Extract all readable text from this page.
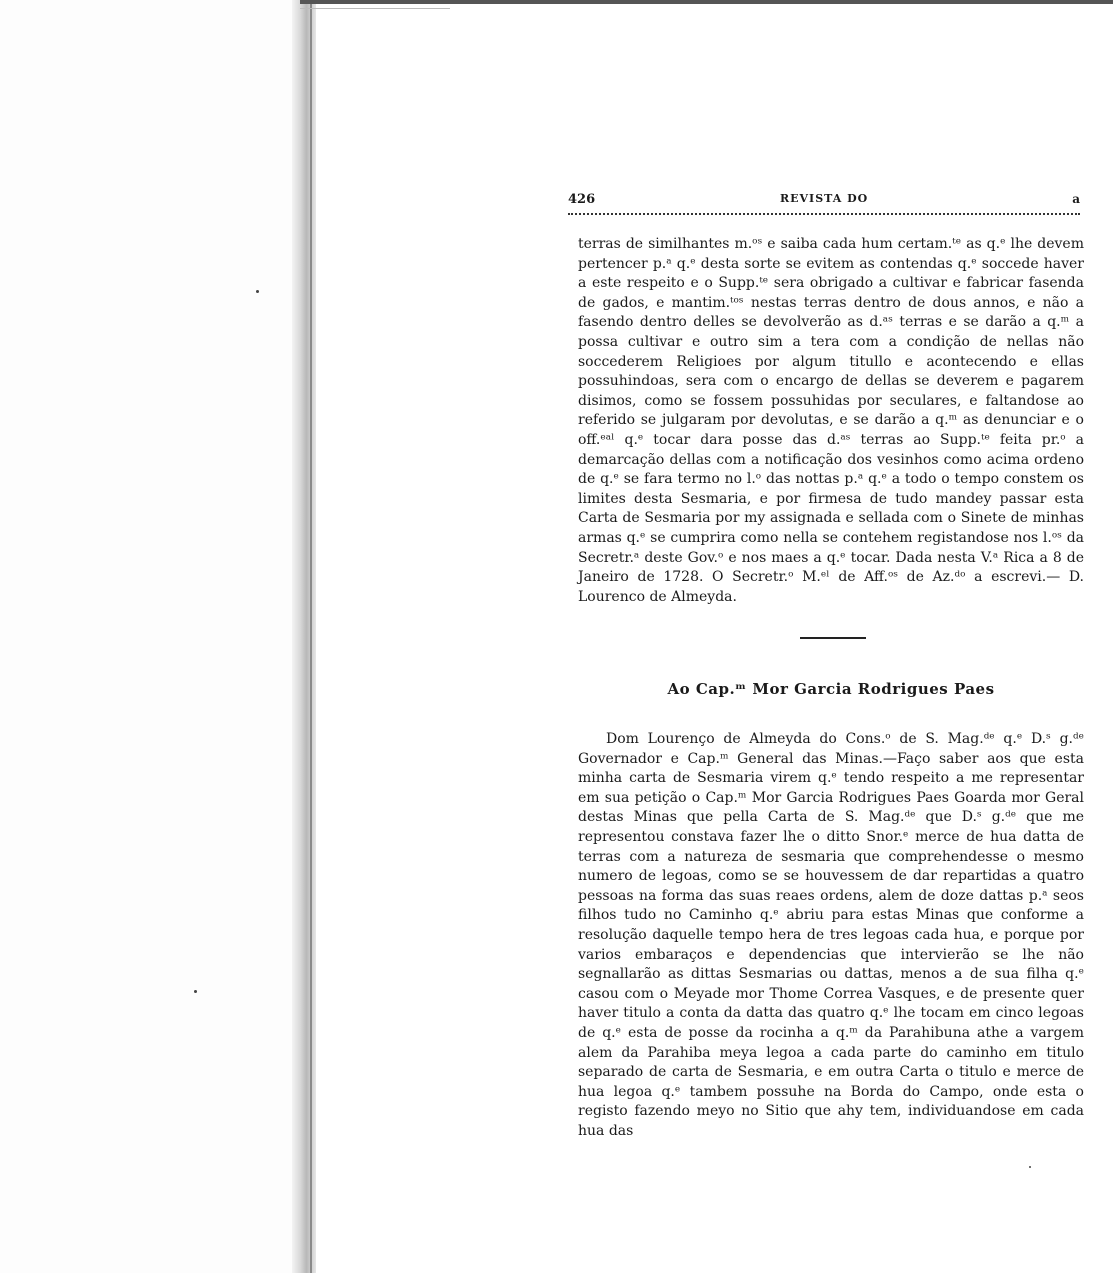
426	REVISTA DO	a

terras de similhantes m.ᵒˢ e saiba cada hum certam.ᵗᵉ as q.ᵉ lhe devem pertencer p.ᵃ q.ᵉ desta sorte se evitem as contendas q.ᵉ soccede haver a este respeito e o Supp.ᵗᵉ sera obrigado a cultivar e fabricar fasenda de gados, e mantim.ᵗᵒˢ nestas terras dentro de dous annos, e não a fasendo dentro delles se devolverão as d.ᵃˢ terras e se darão a q.ᵐ a possa cultivar e outro sim a tera com a condição de nellas não soccederem Religioes por algum titullo e acontecendo e ellas possuhindoas, sera com o encargo de dellas se deverem e pagarem disimos, como se fossem possuhidas por seculares, e faltandose ao referido se julgaram por devolutas, e se darão a q.ᵐ as denunciar e o off.ᵉᵃˡ q.ᵉ tocar dara posse das d.ᵃˢ terras ao Supp.ᵗᵉ feita pr.ᵒ a demarcação dellas com a notificação dos vesinhos como acima ordeno de q.ᵉ se fara termo no l.ᵒ das nottas p.ᵃ q.ᵉ a todo o tempo constem os limites desta Sesmaria, e por firmesa de tudo mandey passar esta Carta de Sesmaria por my assignada e sellada com o Sinete de minhas armas q.ᵉ se cumprira como nella se contehem registandose nos l.ᵒˢ da Secretr.ᵃ deste Gov.ᵒ e nos maes a q.ᵉ tocar. Dada nesta V.ᵃ Rica a 8 de Janeiro de 1728. O Secretr.ᵒ M.ᵉˡ de Aff.ᵒˢ de Az.ᵈᵒ a escrevi.— D. Lourenco de Almeyda.

Ao Cap.ᵐ Mor Garcia Rodrigues Paes

Dom Lourenço de Almeyda do Cons.ᵒ de S. Mag.ᵈᵉ q.ᵉ D.ˢ g.ᵈᵉ Governador e Cap.ᵐ General das Minas.—Faço saber aos que esta minha carta de Sesmaria virem q.ᵉ tendo respeito a me representar em sua petição o Cap.ᵐ Mor Garcia Rodrigues Paes Goarda mor Geral destas Minas que pella Carta de S. Mag.ᵈᵉ que D.ˢ g.ᵈᵉ que me representou constava fazer lhe o ditto Snor.ᵉ merce de hua datta de terras com a natureza de sesmaria que comprehendesse o mesmo numero de legoas, como se se houvessem de dar repartidas a quatro pessoas na forma das suas reaes ordens, alem de doze dattas p.ᵃ seos filhos tudo no Caminho q.ᵉ abriu para estas Minas que conforme a resolução daquelle tempo hera de tres legoas cada hua, e porque por varios embaraços e dependencias que intervierão se lhe não segnallarão as dittas Sesmarias ou dattas, menos a de sua filha q.ᵉ casou com o Meyade mor Thome Correa Vasques, e de presente quer haver titulo a conta da datta das quatro q.ᵉ lhe tocam em cinco legoas de q.ᵉ esta de posse da rocinha a q.ᵐ da Parahibuna athe a vargem alem da Parahiba meya legoa a cada parte do caminho em titulo separado de carta de Sesmaria, e em outra Carta o titulo e merce de hua legoa q.ᵉ tambem possuhe na Borda do Campo, onde esta o registo fazendo meyo no Sitio que ahy tem, individuandose em cada hua das
